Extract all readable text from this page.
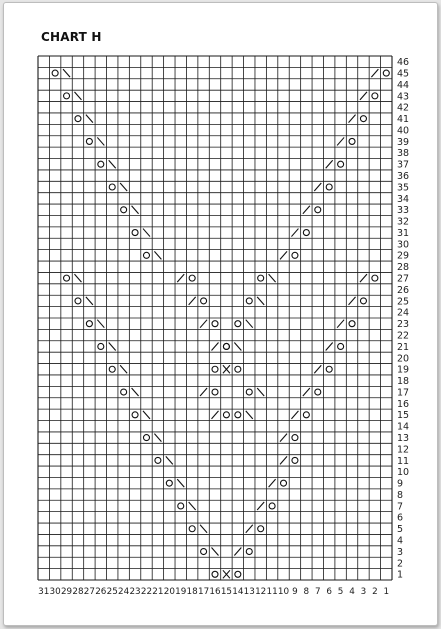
CHART H
46
45
44
43
42
41
40
39
38
37
36
35
34
33
32
31
30
29
28
27
26
25
24
23
22
21
20
19
18
17
16
15
14
13
12
11
10
9
8
7
6
5
4
3
2
1
31 30 29 28 27 26 25 24 23 22 21 20 19 18 17 16 15 14 13 12 11 10 9 8 7 6 5 4 3 2 1
